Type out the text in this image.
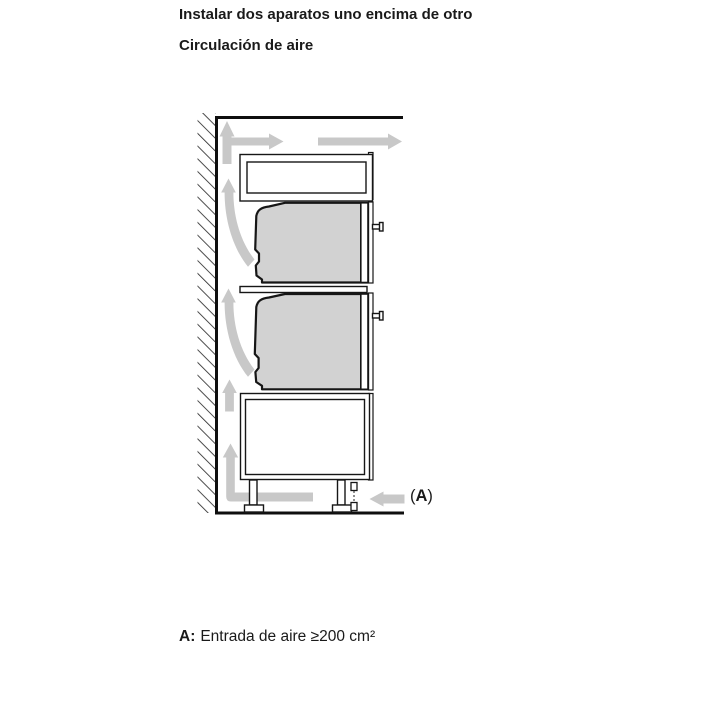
Instalar dos aparatos uno encima de otro
Circulación de aire
(A)
A: Entrada de aire ≥200 cm²
